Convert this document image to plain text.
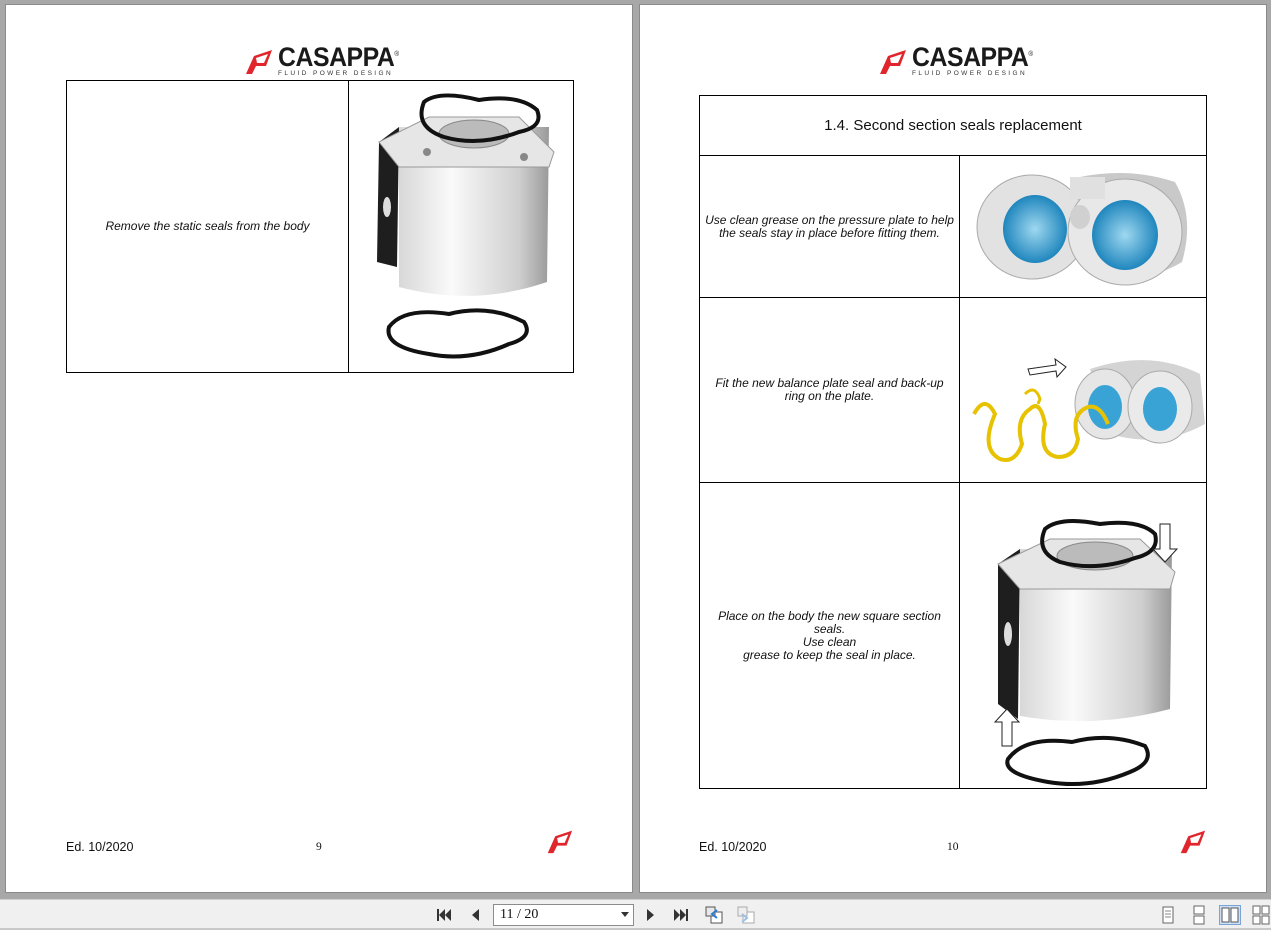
CASAPPA®
FLUID POWER DESIGN
Remove the static seals from the body

Ed. 10/2020	9
CASAPPA®
FLUID POWER DESIGN
1.4. Second section seals replacement	

Use clean grease on the pressure plate to help the seals stay in place before fitting them.

Fit the new balance plate seal and back-up ring on the plate.

Place on the body the new square section seals.
Use clean
grease to keep the seal in place.

Ed. 10/2020	10
11 / 20
